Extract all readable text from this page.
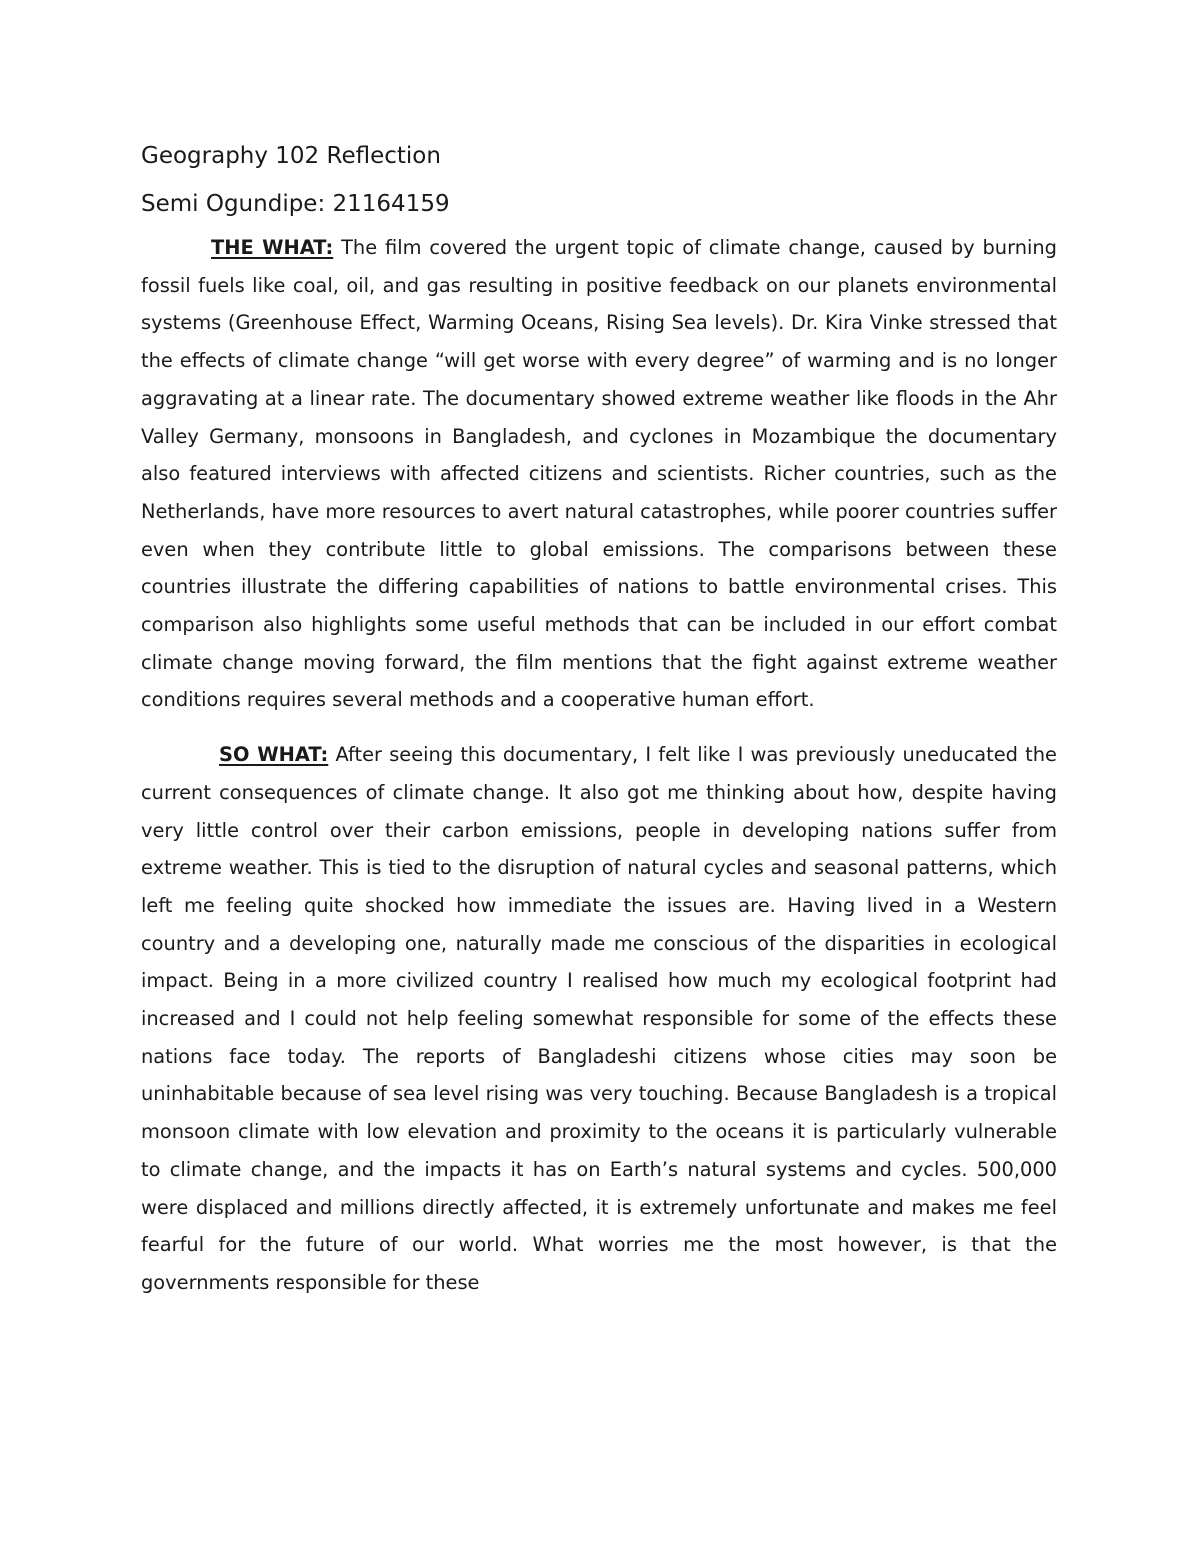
Geography 102 Reflection
Semi Ogundipe: 21164159

THE WHAT: The film covered the urgent topic of climate change, caused by burning fossil fuels like coal, oil, and gas resulting in positive feedback on our planets environmental systems (Greenhouse Effect, Warming Oceans, Rising Sea levels). Dr. Kira Vinke stressed that the effects of climate change “will get worse with every degree” of warming and is no longer aggravating at a linear rate. The documentary showed extreme weather like floods in the Ahr Valley Germany, monsoons in Bangladesh, and cyclones in Mozambique the documentary also featured interviews with affected citizens and scientists. Richer countries, such as the Netherlands, have more resources to avert natural catastrophes, while poorer countries suffer even when they contribute little to global emissions. The comparisons between these countries illustrate the differing capabilities of nations to battle environmental crises. This comparison also highlights some useful methods that can be included in our effort combat climate change moving forward, the film mentions that the fight against extreme weather conditions requires several methods and a cooperative human effort.

SO WHAT: After seeing this documentary, I felt like I was previously uneducated the current consequences of climate change. It also got me thinking about how, despite having very little control over their carbon emissions, people in developing nations suffer from extreme weather. This is tied to the disruption of natural cycles and seasonal patterns, which left me feeling quite shocked how immediate the issues are. Having lived in a Western country and a developing one, naturally made me conscious of the disparities in ecological impact. Being in a more civilized country I realised how much my ecological footprint had increased and I could not help feeling somewhat responsible for some of the effects these nations face today. The reports of Bangladeshi citizens whose cities may soon be uninhabitable because of sea level rising was very touching. Because Bangladesh is a tropical monsoon climate with low elevation and proximity to the oceans it is particularly vulnerable to climate change, and the impacts it has on Earth’s natural systems and cycles. 500,000 were displaced and millions directly affected, it is extremely unfortunate and makes me feel fearful for the future of our world. What worries me the most however, is that the governments responsible for these
